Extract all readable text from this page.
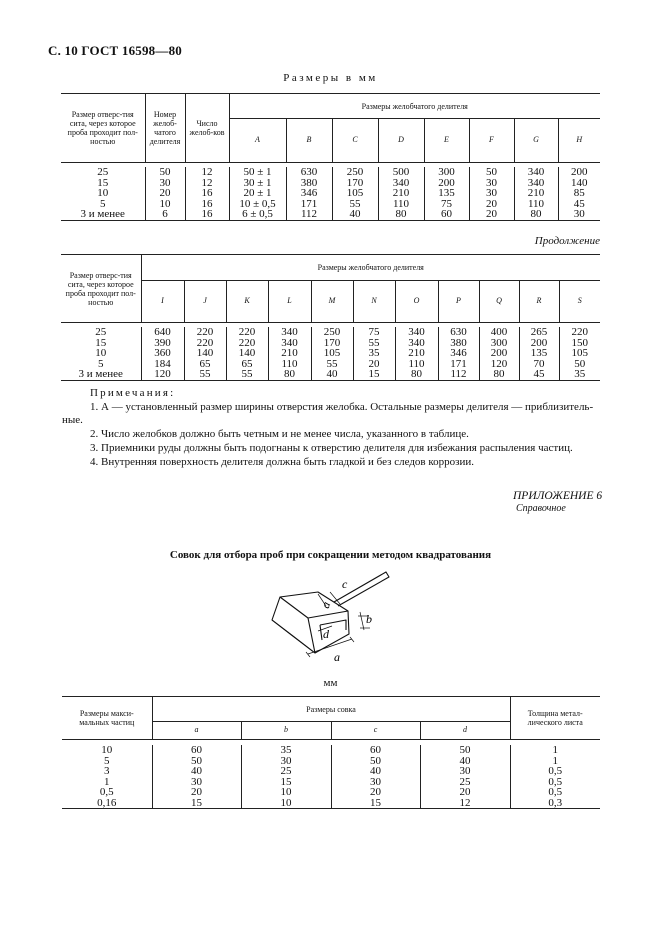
С. 10 ГОСТ 16598—80
Размеры в мм
Размер отверс-тия сита, через которое проба проходит пол-ностью	Номер желоб-чатого делителя	Число желоб-ков	Размеры желобчатого делителя							
			A	B	C	D	E	F	G	H

25	50	12	50 ± 1	630	250	500	300	50	340	200
15	30	12	30 ± 1	380	170	340	200	30	340	140
10	20	16	20 ± 1	346	105	210	135	30	210	85
5	10	16	10 ± 0,5	171	55	110	75	20	110	45
3 и менее	6	16	6 ± 0,5	112	40	80	60	20	80	30
Продолжение
Размер отверс-тия сита, через которое проба проходит пол-ностью	Размеры желобчатого делителя										
	I	J	K	L	M	N	O	P	Q	R	S

25	640	220	220	340	250	75	340	630	400	265	220
15	390	220	220	340	170	55	340	380	300	200	150
10	360	140	140	210	105	35	210	346	200	135	105
5	184	65	65	110	55	20	110	171	120	70	50
3 и менее	120	55	55	80	40	15	80	112	80	45	35
Примечания:
1. А — установленный размер ширины отверстия желобка. Остальные размеры делителя — приблизитель-
ные.
2. Число желобков должно быть четным и не менее числа, указанного в таблице.
3. Приемники руды должны быть подогнаны к отверстию делителя для избежания распыления частиц.
4. Внутренняя поверхность делителя должна быть гладкой и без следов коррозии.
ПРИЛОЖЕНИЕ 6
Справочное
Совок для отбора проб при сокращении методом квадратования
c
a
b
d
a
мм
Размеры макси-мальных частиц	Размеры совка				Толщина метал-лического листа
	a	b	c	d	

10	60	35	60	50	1
5	50	30	50	40	1
3	40	25	40	30	0,5
1	30	15	30	25	0,5
0,5	20	10	20	20	0,5
0,16	15	10	15	12	0,3
